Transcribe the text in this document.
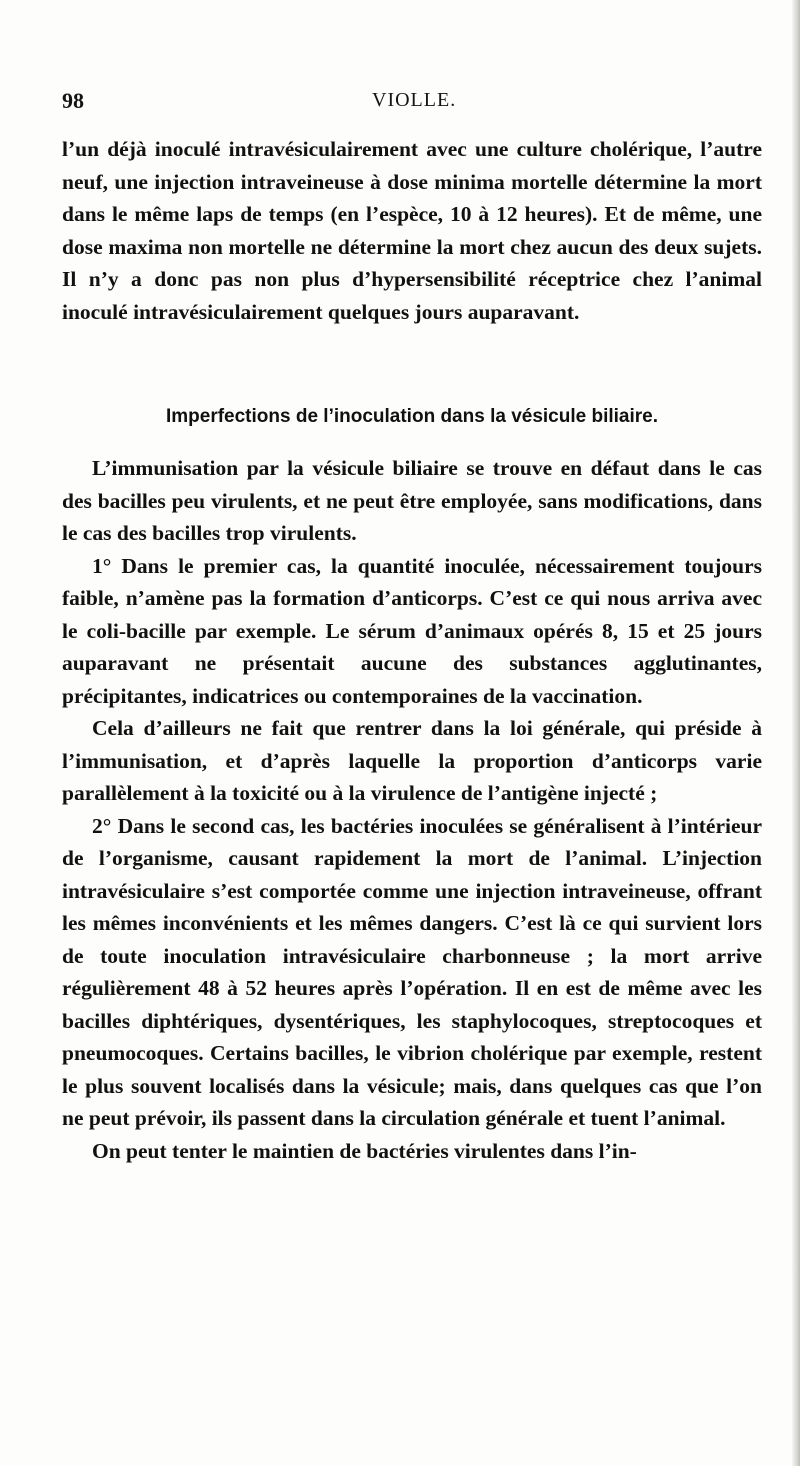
98	VIOLLE.

l’un déjà inoculé intravésiculairement avec une culture cholérique, l’autre neuf, une injection intraveineuse à dose minima mortelle détermine la mort dans le même laps de temps (en l’espèce, 10 à 12 heures). Et de même, une dose maxima non mortelle ne détermine la mort chez aucun des deux sujets. Il n’y a donc pas non plus d’hypersensibilité réceptrice chez l’animal inoculé intravésiculairement quelques jours auparavant.

Imperfections de l’inoculation dans la vésicule biliaire.

L’immunisation par la vésicule biliaire se trouve en défaut dans le cas des bacilles peu virulents, et ne peut être employée, sans modifications, dans le cas des bacilles trop virulents.

1° Dans le premier cas, la quantité inoculée, nécessairement toujours faible, n’amène pas la formation d’anticorps. C’est ce qui nous arriva avec le coli-bacille par exemple. Le sérum d’animaux opérés 8, 15 et 25 jours auparavant ne présentait aucune des substances agglutinantes, précipitantes, indicatrices ou contemporaines de la vaccination.

Cela d’ailleurs ne fait que rentrer dans la loi générale, qui préside à l’immunisation, et d’après laquelle la proportion d’anticorps varie parallèlement à la toxicité ou à la virulence de l’antigène injecté ;

2° Dans le second cas, les bactéries inoculées se généralisent à l’intérieur de l’organisme, causant rapidement la mort de l’animal. L’injection intravésiculaire s’est comportée comme une injection intraveineuse, offrant les mêmes inconvénients et les mêmes dangers. C’est là ce qui survient lors de toute inoculation intravésiculaire charbonneuse ; la mort arrive régulièrement 48 à 52 heures après l’opération. Il en est de même avec les bacilles diphtériques, dysentériques, les staphylocoques, streptocoques et pneumocoques. Certains bacilles, le vibrion cholérique par exemple, restent le plus souvent localisés dans la vésicule; mais, dans quelques cas que l’on ne peut prévoir, ils passent dans la circulation générale et tuent l’animal.

On peut tenter le maintien de bactéries virulentes dans l’in-
